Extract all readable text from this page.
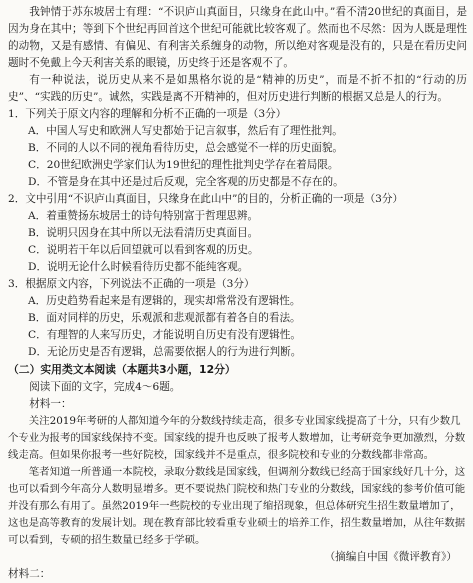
我钟情于苏东坡居士有理：“不识庐山真面目，只缘身在此山中。”看不清20世纪的真面目，是因为身在其中；等到下个世纪再回首这个世纪可能就比较客观了。然而也不尽然：因为人既是理性的动物，又是有感情、有偏见、有利害关系缠身的动物，所以绝对客观是没有的，只是在看历史问题时不免戴上今天利害关系的眼镜，历史终于还是客观不了。

有一种说法，说历史从来不是如黑格尔说的是“精神的历史”，而是不折不扣的“行动的历史”、“实践的历史”。诚然，实践是离不开精神的，但对历史进行判断的根据又总是人的行为。

1．下列关于原文内容的理解和分析不正确的一项是（3分）

A．中国人写史和欧洲人写史都始于记言叙事，然后有了理性批判。

B．不同的人以不同的视角看待历史，总会感觉不一样的历史面貌。

C．20世纪欧洲史学家们认为19世纪的理性批判史学存在着局限。

D．不管是身在其中还是过后反观，完全客观的历史都是不存在的。

2．文中引用“不识庐山真面目，只缘身在此山中”的目的，分析正确的一项是（3分）

A．着重赞扬东坡居士的诗句特别富于哲理思辨。

B．说明只因身在其中所以无法看清历史真面目。

C．说明若干年以后回望就可以看到客观的历史。

D．说明无论什么时候看待历史都不能纯客观。

3．根据原文内容，下列说法不正确的一项是（3分）

A．历史趋势看起来是有逻辑的，现实却常常没有逻辑性。

B．面对同样的历史，乐观派和悲观派都有着各自的看法。

C．有理智的人来写历史，才能说明自历史有没有逻辑性。

D．无论历史是否有逻辑，总需要依据人的行为进行判断。

（二）实用类文本阅读（本题共3小题，12分）

阅读下面的文字，完成4～6题。

材料一：

关注2019年考研的人都知道今年的分数线持续走高，很多专业国家线提高了十分，只有少数几个专业为报考的国家线保持不变。国家线的提升也反映了报考人数增加，让考研竞争更加激烈，分数线走高。但如果你报考一些好院校，国家线并不是重点，很多院校和专业的分数线都非常高。

笔者知道一所普通一本院校，录取分数线是国家线，但调剂分数线已经高于国家线好几十分，这也可以看到今年高分人数明显增多。更不要说热门院校和热门专业的分数线，国家线的参考价值可能并没有那么有用了。虽然2019年一些院校的专业出现了缩招现象，但总体研究生招生数量增加了，这也是高等教育的发展计划。现在教育部比较看重专业硕士的培养工作，招生数量增加，从往年数据可以看到，专硕的招生数量已经多于学硕。

（摘编自中国《微评教育》）

材料二：
